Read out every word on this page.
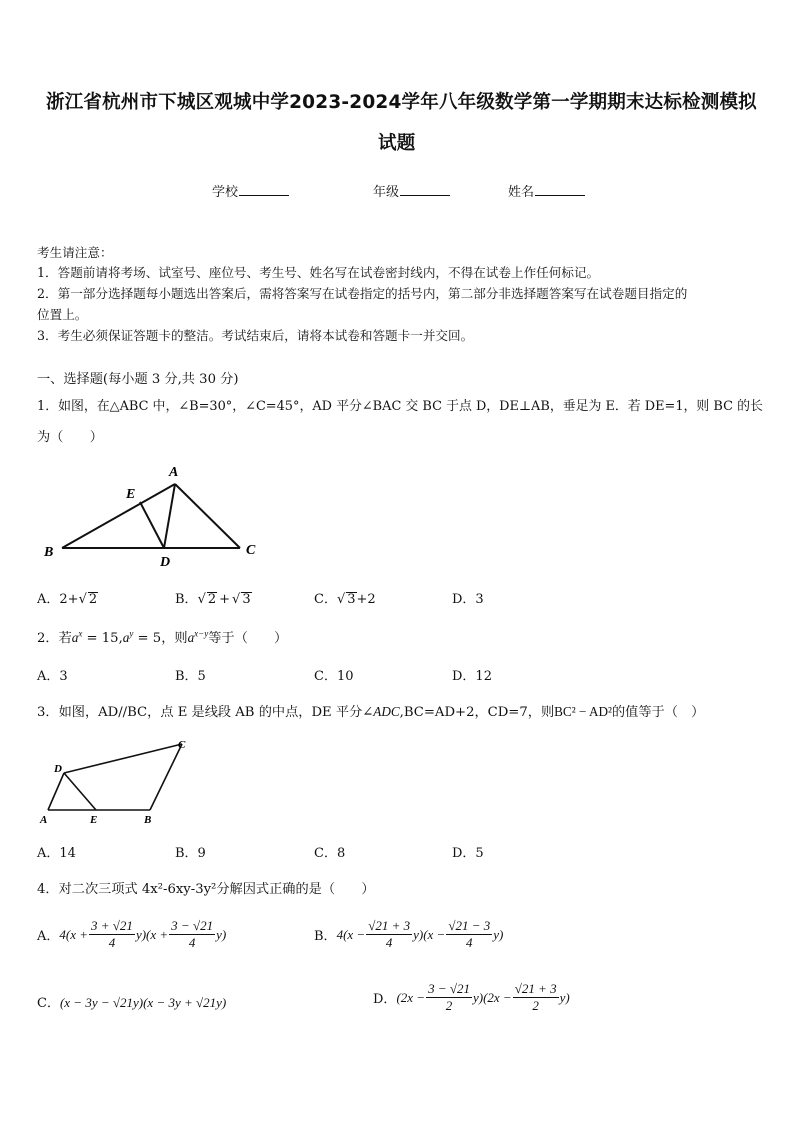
浙江省杭州市下城区观城中学2023-2024学年八年级数学第一学期期末达标检测模拟
试题
学校	年级	姓名
考生请注意：
1．答题前请将考场、试室号、座位号、考生号、姓名写在试卷密封线内，不得在试卷上作任何标记。
2．第一部分选择题每小题选出答案后，需将答案写在试卷指定的括号内，第二部分非选择题答案写在试卷题目指定的
位置上。
3．考生必须保证答题卡的整洁。考试结束后，请将本试卷和答题卡一并交回。
一、选择题(每小题 3 分,共 30 分)
1．如图，在△ABC 中，∠B=30°，∠C=45°，AD 平分∠BAC 交 BC 于点 D，DE⊥AB，垂足为 E．若 DE=1，则 BC 的长
为（　　）
A
E
B
D
C
A．2+√ 2	B．√ 2 + √ 3	C．√ 3+2	D．3
2．若$a^x = 15,a^y = 5$，则$a^{x-y}$等于（　　）
A．3	B．5	C．10	D．12
3．如图，AD//BC，点 E 是线段 AB 的中点，DE 平分∠ADC,BC=AD+2，CD=7，则BC² − AD²的值等于（　）
D
C
A	E	B
A．14	B．9	C．8	D．5
4．对二次三项式 4x²-6xy-3y²分解因式正确的是（　　）
A． $4(x + \frac{3 + √21}{4} y)(x + \frac{3 - √21}{4} y)$	B． $4(x - \frac{√21 + 3}{4} y)(x - \frac{√21 - 3}{4} y)$
C．(x − 3y − √21y)(x − 3y + √21y)	D． $(2x - \frac{3 - √21}{2} y)(2x - \frac{√21 + 3}{2} y)$
